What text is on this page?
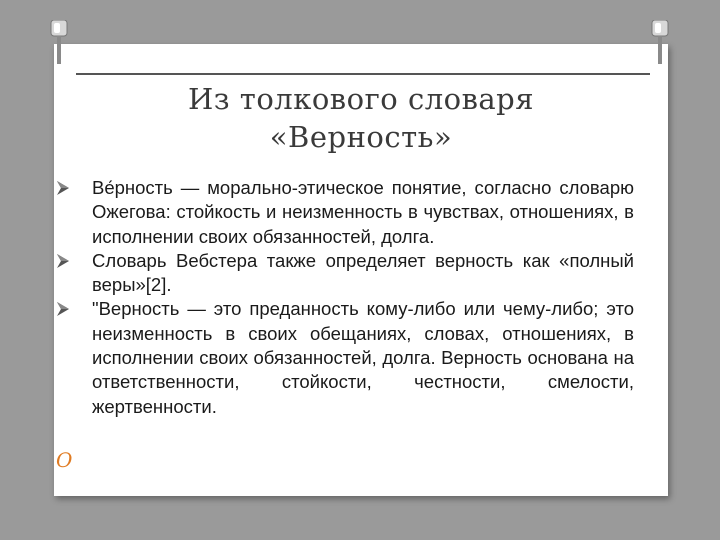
Из толкового словаря
«Верность»
Ве́рность — морально-этическое понятие, согласно словарю Ожегова: стойкость и неизменность в чувствах, отношениях, в исполнении своих обязанностей, долга.
Словарь Вебстера также определяет верность как «полный веры»[2].
"Верность — это преданность кому-либо или чему-либо; это неизменность в своих обещаниях, словах, отношениях, в исполнении своих обязанностей, долга. Верность основана на ответственности, стойкости, честности, смелости, жертвенности.
O
